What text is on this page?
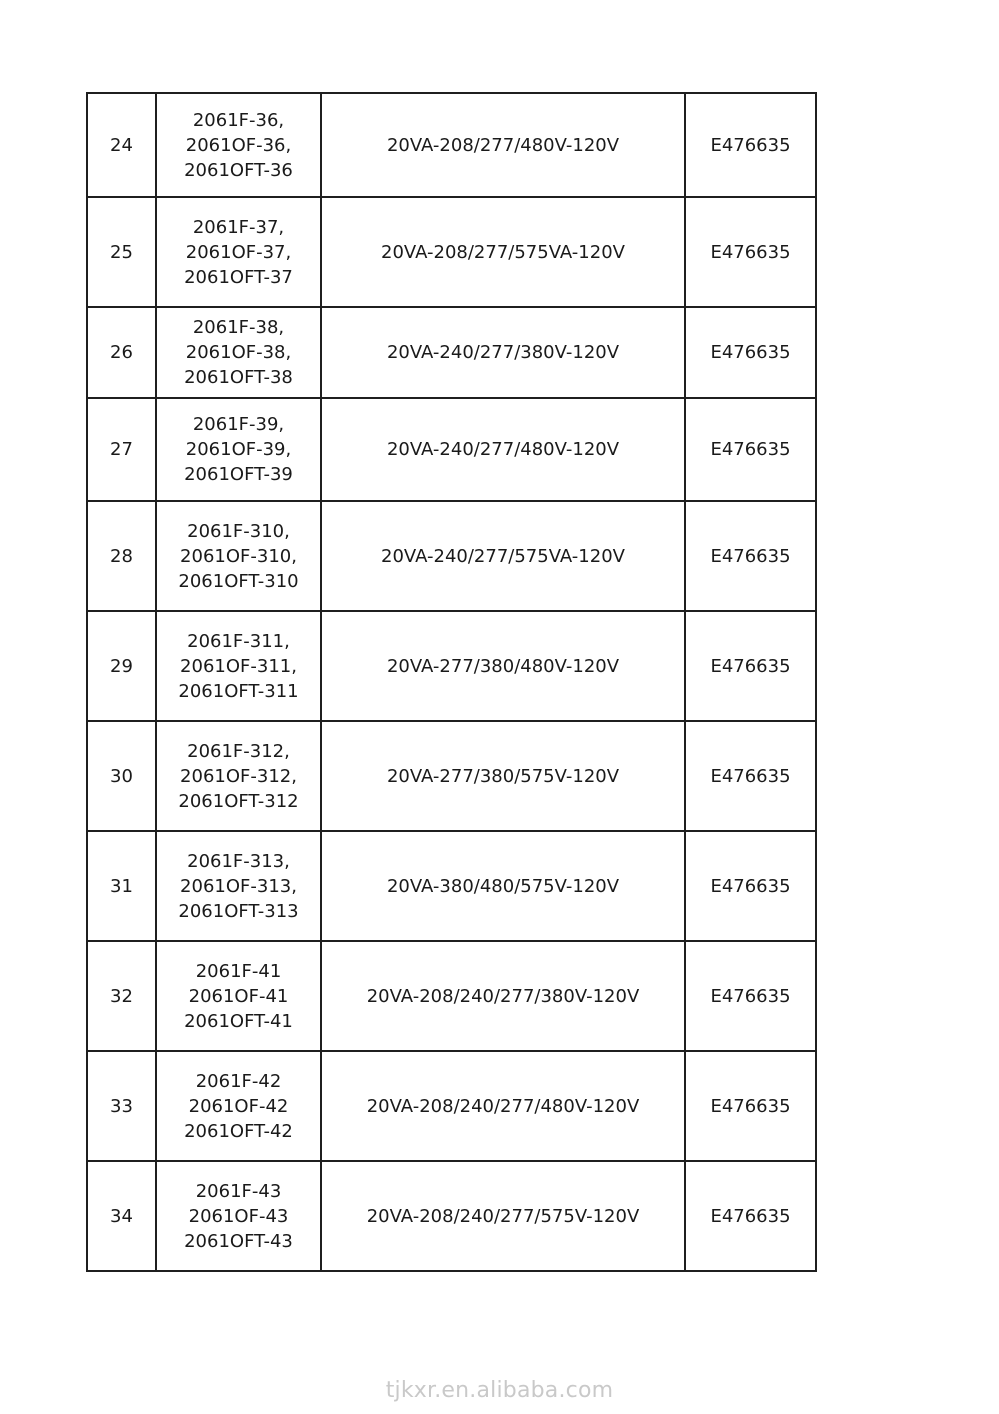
24	2061F-36,
2061OF-36,
2061OFT-36	20VA-208/277/480V-120V	E476635
25	2061F-37,
2061OF-37,
2061OFT-37	20VA-208/277/575VA-120V	E476635
26	2061F-38,
2061OF-38,
2061OFT-38	20VA-240/277/380V-120V	E476635
27	2061F-39,
2061OF-39,
2061OFT-39	20VA-240/277/480V-120V	E476635
28	2061F-310,
2061OF-310,
2061OFT-310	20VA-240/277/575VA-120V	E476635
29	2061F-311,
2061OF-311,
2061OFT-311	20VA-277/380/480V-120V	E476635
30	2061F-312,
2061OF-312,
2061OFT-312	20VA-277/380/575V-120V	E476635
31	2061F-313,
2061OF-313,
2061OFT-313	20VA-380/480/575V-120V	E476635
32	2061F-41
2061OF-41
2061OFT-41	20VA-208/240/277/380V-120V	E476635
33	2061F-42
2061OF-42
2061OFT-42	20VA-208/240/277/480V-120V	E476635
34	2061F-43
2061OF-43
2061OFT-43	20VA-208/240/277/575V-120V	E476635
tjkxr.en.alibaba.com
